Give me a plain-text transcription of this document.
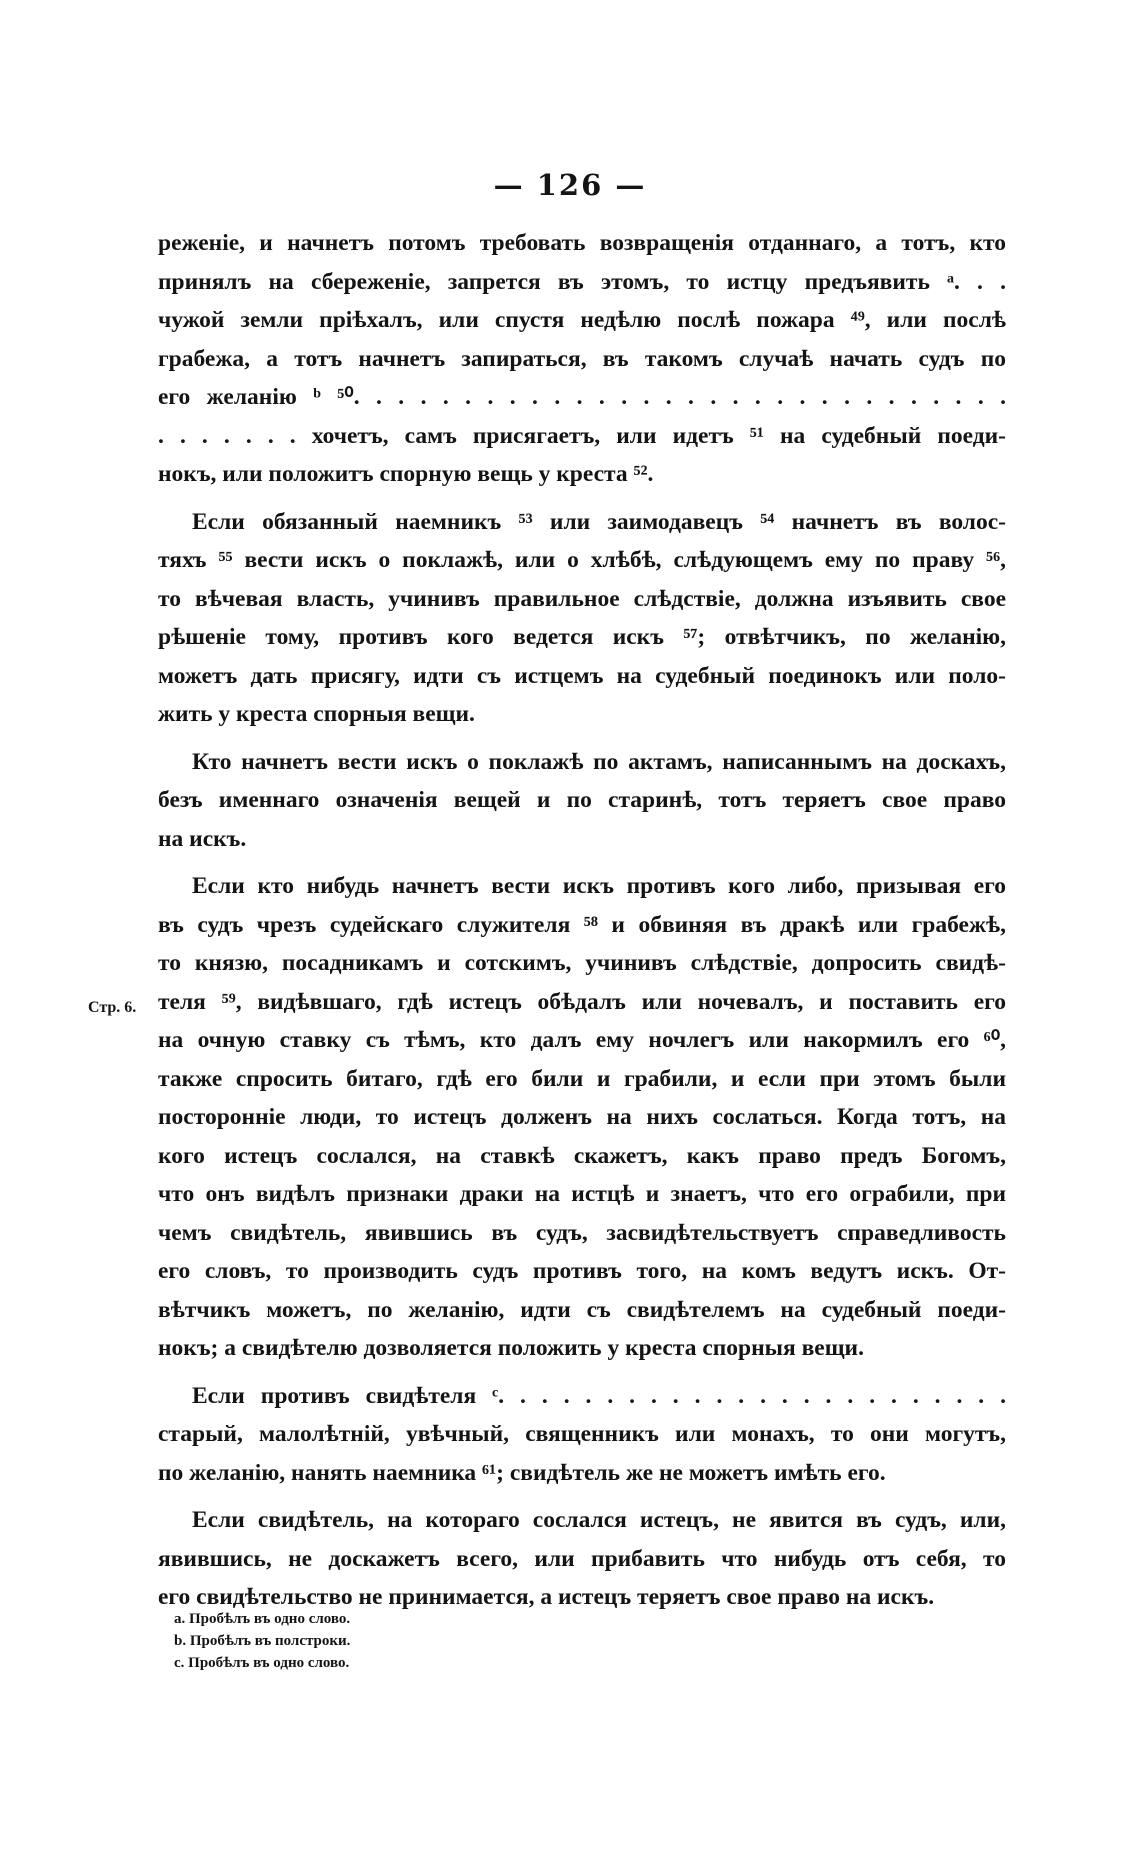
— 126 —
реженіе, и начнетъ потомъ требовать возвращенія отданнаго, а тотъ, кто
принялъ на сбереженіе, запрется въ этомъ, то истцу предъявить ᵃ. . .
чужой земли пріѣхалъ, или спустя недѣлю послѣ пожара ⁴⁹, или послѣ
грабежа, а тотъ начнетъ запираться, въ такомъ случаѣ начать судъ по
его желанію ᵇ ⁵⁰. . . . . . . . . . . . . . . . . . . . . . . . . . . . . .
. . . . . . . хочетъ, самъ присягаетъ, или идетъ ⁵¹ на судебный поеди-
нокъ, или положитъ спорную вещь у креста ⁵².
Если обязанный наемникъ ⁵³ или заимодавецъ ⁵⁴ начнетъ въ волос-
тяхъ ⁵⁵ вести искъ о поклажѣ, или о хлѣбѣ, слѣдующемъ ему по праву ⁵⁶,
то вѣчевая власть, учинивъ правильное слѣдствіе, должна изъявить свое
рѣшеніе тому, противъ кого ведется искъ ⁵⁷; отвѣтчикъ, по желанію,
можетъ дать присягу, идти съ истцемъ на судебный поединокъ или поло-
жить у креста спорныя вещи.
Кто начнетъ вести искъ о поклажѣ по актамъ, написаннымъ на доскахъ,
безъ именнаго означенія вещей и по старинѣ, тотъ теряетъ свое право
на искъ.
Если кто нибудь начнетъ вести искъ противъ кого либо, призывая его
въ судъ чрезъ судейскаго служителя ⁵⁸ и обвиняя въ дракѣ или грабежѣ,
то князю, посадникамъ и сотскимъ, учинивъ слѣдствіе, допросить свидѣ-
теля ⁵⁹, видѣвшаго, гдѣ истецъ обѣдалъ или ночевалъ, и поставить его
на очную ставку съ тѣмъ, кто далъ ему ночлегъ или накормилъ его ⁶⁰,
также спросить битаго, гдѣ его били и грабили, и если при этомъ были
посторонніе люди, то истецъ долженъ на нихъ сослаться. Когда тотъ, на
кого истецъ сослался, на ставкѣ скажетъ, какъ право предъ Богомъ,
что онъ видѣлъ признаки драки на истцѣ и знаетъ, что его ограбили, при
чемъ свидѣтель, явившись въ судъ, засвидѣтельствуетъ справедливость
его словъ, то производить судъ противъ того, на комъ ведутъ искъ. От-
вѣтчикъ можетъ, по желанію, идти съ свидѣтелемъ на судебный поеди-
нокъ; а свидѣтелю дозволяется положить у креста спорныя вещи.
Если противъ свидѣтеля ᶜ. . . . . . . . . . . . . . . . . . . . . . . .
старый, малолѣтній, увѣчный, священникъ или монахъ, то они могутъ,
по желанію, нанять наемника ⁶¹; свидѣтель же не можетъ имѣть его.
Если свидѣтель, на котораго сослался истецъ, не явится въ судъ, или,
явившись, не доскажетъ всего, или прибавить что нибудь отъ себя, то
его свидѣтельство не принимается, а истецъ теряетъ свое право на искъ.
Стр. 6.
a. Пробѣлъ въ одно слово.
b. Пробѣлъ въ полстроки.
c. Пробѣлъ въ одно слово.
